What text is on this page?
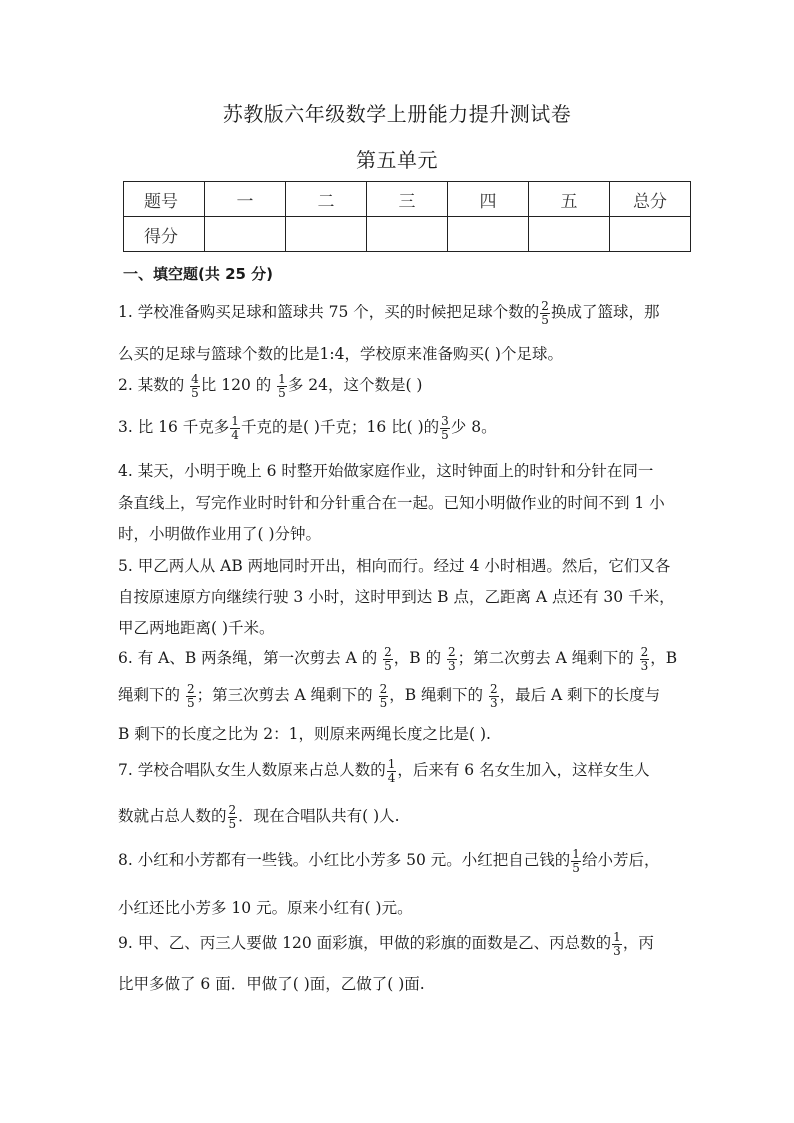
苏教版六年级数学上册能力提升测试卷
第五单元
题号	一	二	三	四	五	总分
得分						
一、填空题(共 25 分)
1. 学校准备购买足球和篮球共 75 个，买的时候把足球个数的 $\frac{2}{5}$ 换成了篮球，那
么买的足球与篮球个数的比是1:4，学校原来准备购买( )个足球。
2. 某数的 $\frac{4}{5}$ 比 120 的 $\frac{1}{5}$ 多 24，这个数是( )
3. 比 16 千克多 $\frac{1}{4}$ 千克的是( )千克；16 比( )的 $\frac{3}{5}$ 少 8。
4. 某天，小明于晚上 6 时整开始做家庭作业，这时钟面上的时针和分针在同一
条直线上，写完作业时时针和分针重合在一起。已知小明做作业的时间不到 1 小
时，小明做作业用了( )分钟。
5. 甲乙两人从 AB 两地同时开出，相向而行。经过 4 小时相遇。然后，它们又各
自按原速原方向继续行驶 3 小时，这时甲到达 B 点，乙距离 A 点还有 30 千米，
甲乙两地距离( )千米。
6. 有 A、B 两条绳，第一次剪去 A 的 $\frac{2}{5}$ ，B 的 $\frac{2}{3}$ ；第二次剪去 A 绳剩下的 $\frac{2}{3}$ ，B
绳剩下的 $\frac{2}{5}$ ；第三次剪去 A 绳剩下的 $\frac{2}{5}$ ，B 绳剩下的 $\frac{2}{3}$ ，最后 A 剩下的长度与
B 剩下的长度之比为 2：1，则原来两绳长度之比是( ).
7. 学校合唱队女生人数原来占总人数的 $\frac{1}{4}$ ，后来有 6 名女生加入，这样女生人
数就占总人数的 $\frac{2}{5}$ ．现在合唱队共有( )人.
8. 小红和小芳都有一些钱。小红比小芳多 50 元。小红把自己钱的 $\frac{1}{5}$ 给小芳后，
小红还比小芳多 10 元。原来小红有( )元。
9. 甲、乙、丙三人要做 120 面彩旗，甲做的彩旗的面数是乙、丙总数的 $\frac{1}{3}$ ，丙
比甲多做了 6 面．甲做了( )面，乙做了( )面.
